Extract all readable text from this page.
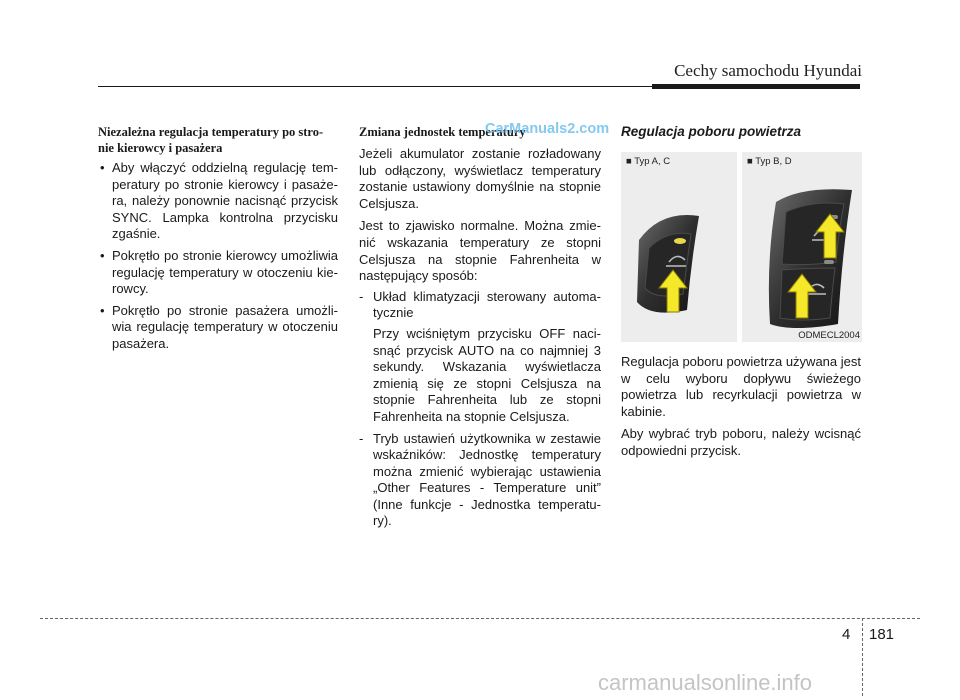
Cechy samochodu Hyundai
Niezależna regulacja temperatury po stro-
nie kierowcy i pasażera
• Aby włączyć oddzielną regulację tem-peratury po stronie kierowcy i pasaże-ra, należy ponownie nacisnąć przycisk SYNC. Lampka kontrolna przycisku zgaśnie.
• Pokrętło po stronie kierowcy umożliwia regulację temperatury w otoczeniu kie-rowcy.
• Pokrętło po stronie pasażera umożli-wia regulację temperatury w otoczeniu pasażera.
Zmiana jednostek temperatury

Jeżeli akumulator zostanie rozładowany lub odłączony, wyświetlacz temperatury zostanie ustawiony domyślnie na stopnie Celsjusza.

Jest to zjawisko normalne. Można zmie-nić wskazania temperatury ze stopni Celsjusza na stopnie Fahrenheita w następujący sposób:

- Układ klimatyzacji sterowany automa-tycznie

Przy wciśniętym przycisku OFF naci-snąć przycisk AUTO na co najmniej 3 sekundy. Wskazania wyświetlacza zmienią się ze stopni Celsjusza na stopnie Fahrenheita lub ze stopni Fahrenheita na stopnie Celsjusza.

- Tryb ustawień użytkownika w zestawie wskaźników: Jednostkę temperatury można zmienić wybierając ustawienia „Other Features - Temperature unit” (Inne funkcje - Jednostka temperatu-ry).

CarManuals2.com Regulacja poboru powietrza
■ Typ A, C	■ Typ B, D
ODMECL2004

Regulacja poboru powietrza używana jest w celu wyboru dopływu świeżego powietrza lub recyrkulacji powietrza w kabinie.

Aby wybrać tryb poboru, należy wcisnąć odpowiedni przycisk.

4 181
carmanualsonline.info
